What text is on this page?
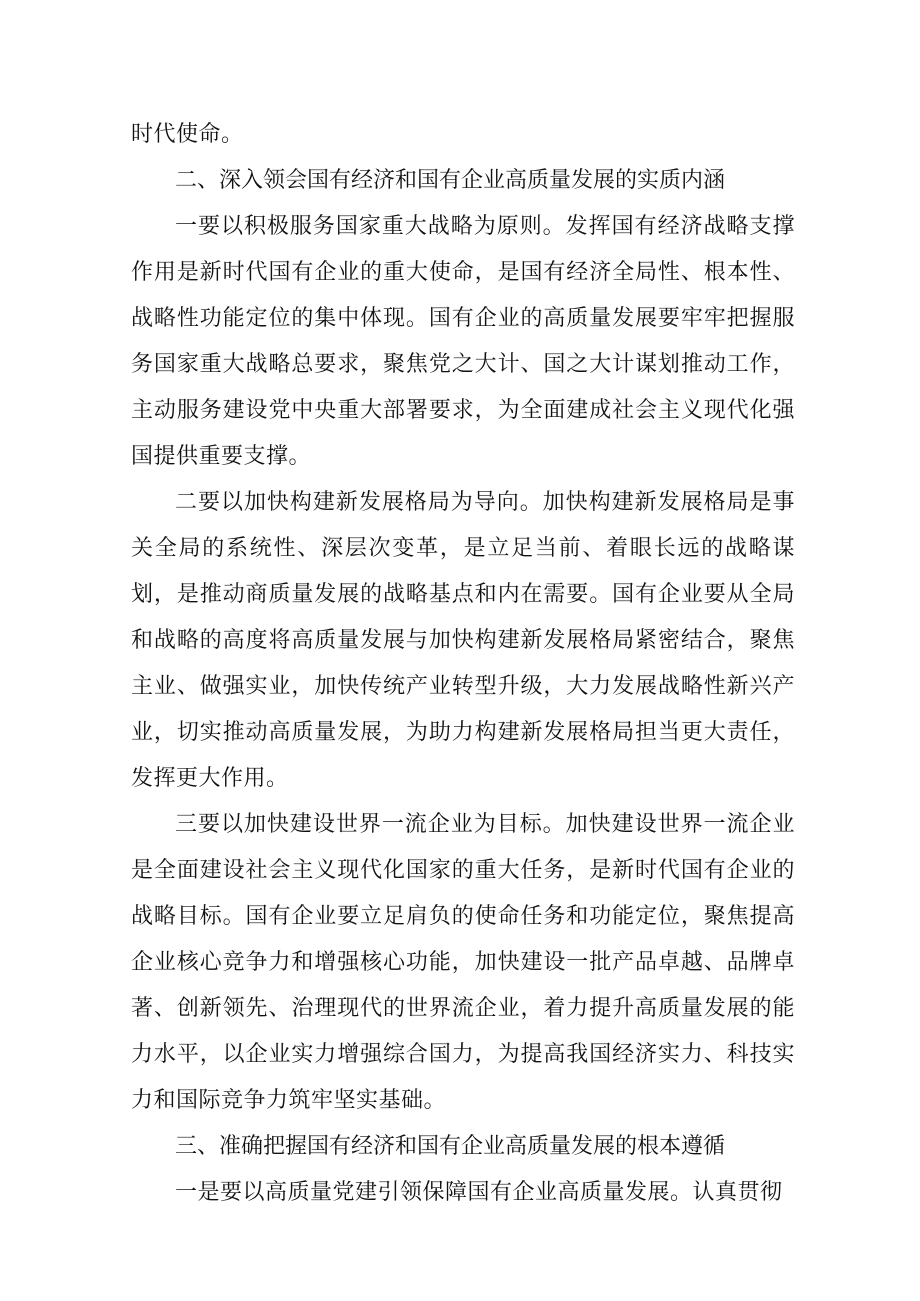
时代使命。

二、深入领会国有经济和国有企业高质量发展的实质内涵

一要以积极服务国家重大战略为原则。发挥国有经济战略支撑作用是新时代国有企业的重大使命，是国有经济全局性、根本性、战略性功能定位的集中体现。国有企业的高质量发展要牢牢把握服务国家重大战略总要求，聚焦党之大计、国之大计谋划推动工作，主动服务建设党中央重大部署要求，为全面建成社会主义现代化强国提供重要支撑。

二要以加快构建新发展格局为导向。加快构建新发展格局是事关全局的系统性、深层次变革，是立足当前、着眼长远的战略谋划，是推动商质量发展的战略基点和内在需要。国有企业要从全局和战略的高度将高质量发展与加快构建新发展格局紧密结合，聚焦主业、做强实业，加快传统产业转型升级，大力发展战略性新兴产业，切实推动高质量发展，为助力构建新发展格局担当更大责任，发挥更大作用。

三要以加快建设世界一流企业为目标。加快建设世界一流企业是全面建设社会主义现代化国家的重大任务，是新时代国有企业的战略目标。国有企业要立足肩负的使命任务和功能定位，聚焦提高企业核心竞争力和增强核心功能，加快建设一批产品卓越、品牌卓著、创新领先、治理现代的世界流企业，着力提升高质量发展的能力水平，以企业实力增强综合国力，为提高我国经济实力、科技实力和国际竞争力筑牢坚实基础。

三、准确把握国有经济和国有企业高质量发展的根本遵循

一是要以高质量党建引领保障国有企业高质量发展。认真贯彻
